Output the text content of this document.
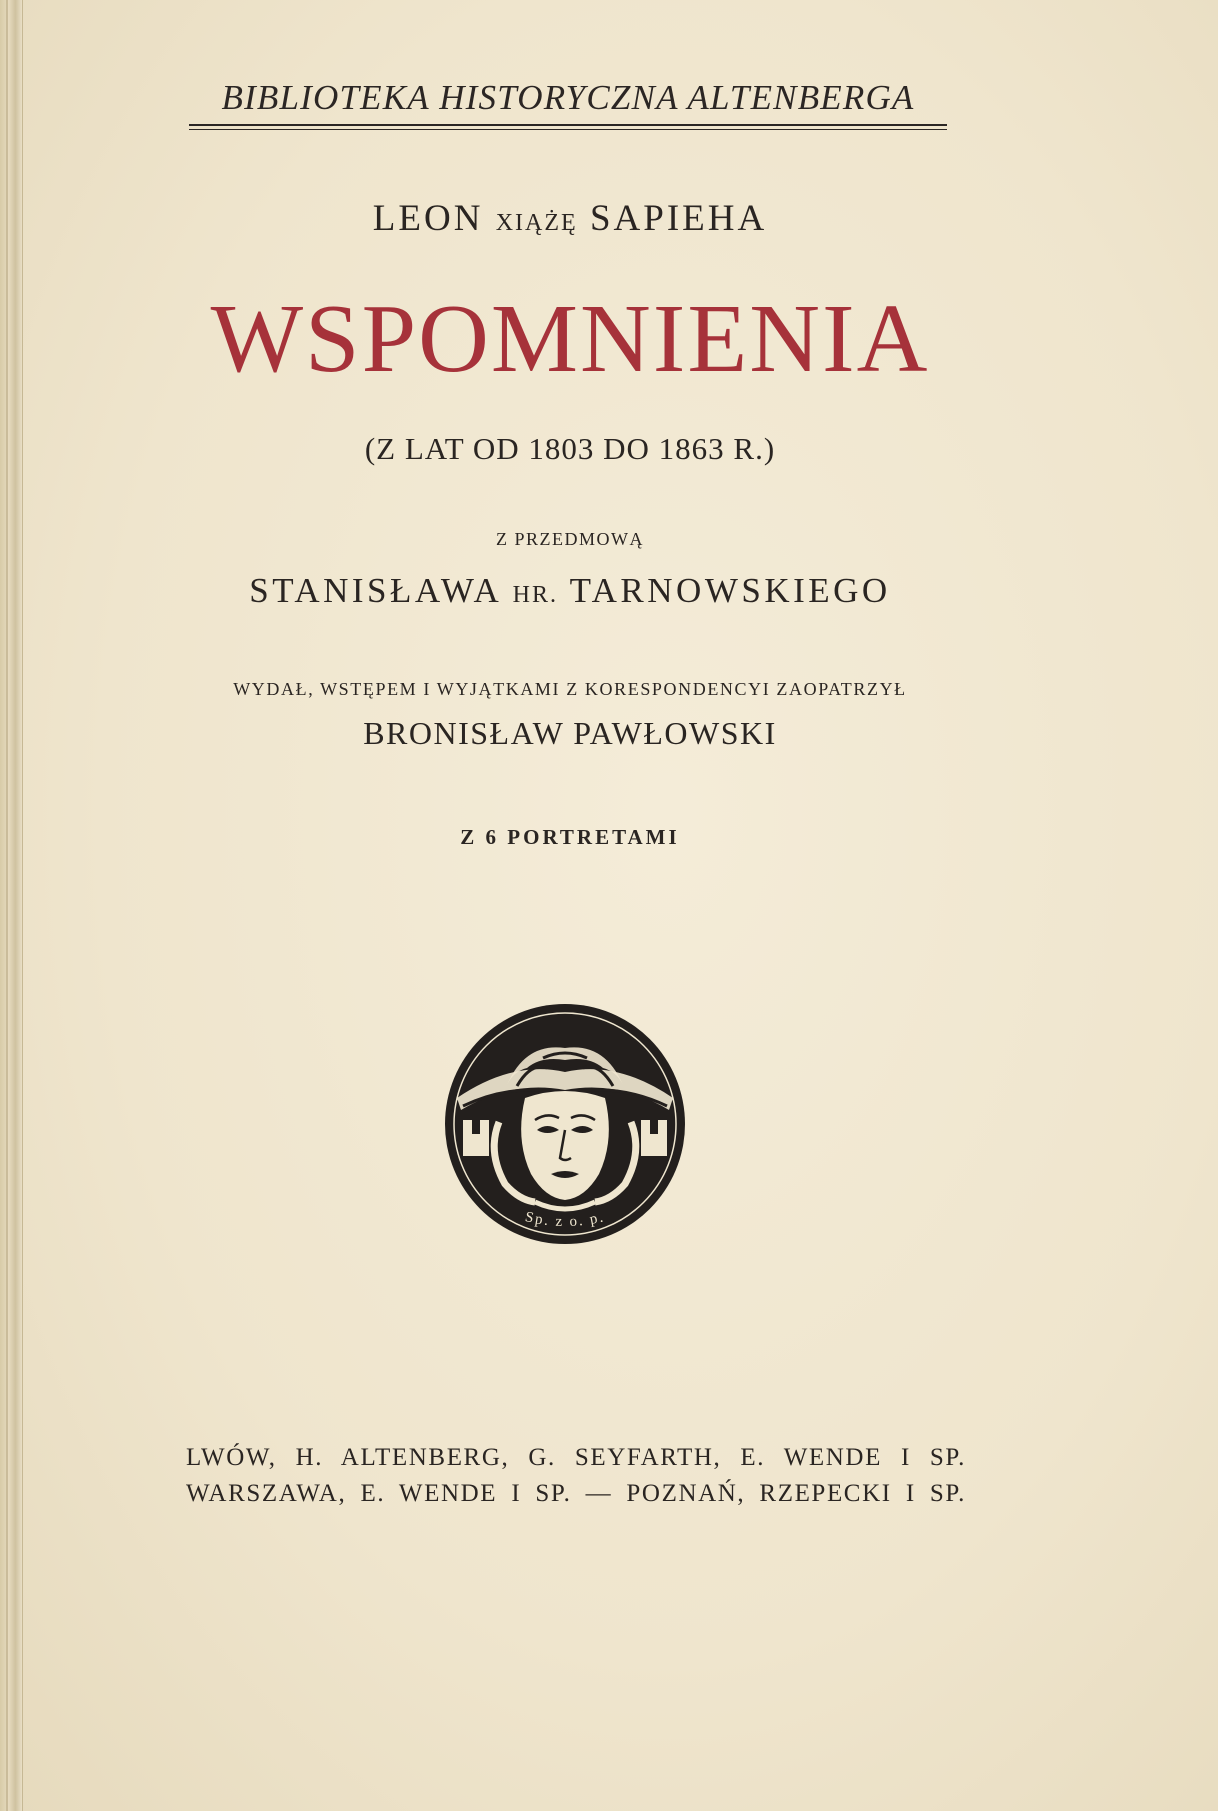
BIBLIOTEKA HISTORYCZNA ALTENBERGA
LEON XIĄŻĘ SAPIEHA
WSPOMNIENIA
(Z LAT OD 1803 DO 1863 R.)
Z PRZEDMOWĄ
STANISŁAWA HR. TARNOWSKIEGO
WYDAŁ, WSTĘPEM I WYJĄTKAMI Z KORESPONDENCYI ZAOPATRZYŁ
BRONISŁAW PAWŁOWSKI
Z 6 PORTRETAMI
Sp. z o. p.
LWÓW, H. ALTENBERG, G. SEYFARTH, E. WENDE I SP.
WARSZAWA, E. WENDE I SP. — POZNAŃ, RZEPECKI I SP.
